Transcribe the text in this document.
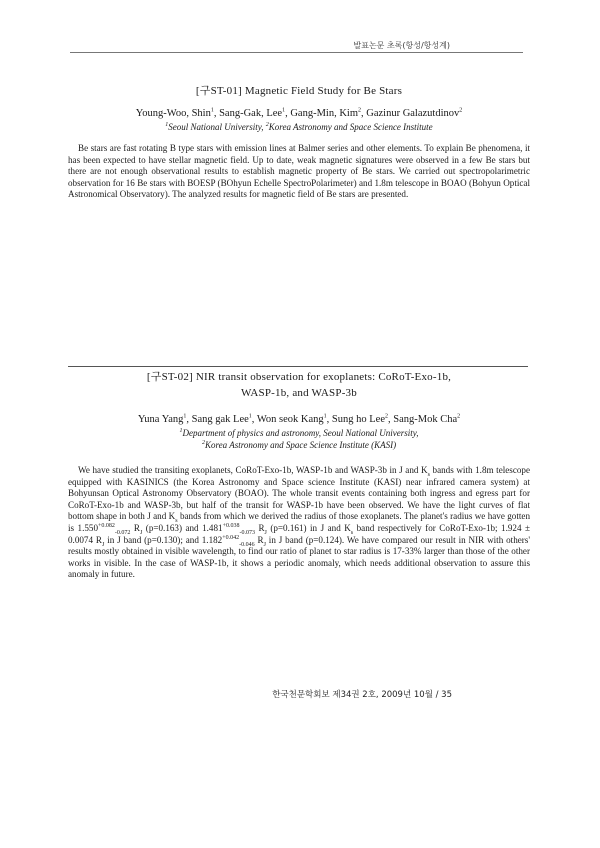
발표논문 초록(항성/항성계)
[구ST-01] Magnetic Field Study for Be Stars
Young-Woo, Shin$^1$, Sang-Gak, Lee$^1$, Gang-Min, Kim$^2$, Gazinur Galazutdinov$^2$
$^1$Seoul National University, $^2$Korea Astronomy and Space Science Institute
Be stars are fast rotating B type stars with emission lines at Balmer series and other elements. To explain Be phenomena, it has been expected to have stellar magnetic field. Up to date, weak magnetic signatures were observed in a few Be stars but there are not enough observational results to establish magnetic property of Be stars. We carried out spectropolarimetric observation for 16 Be stars with BOESP (BOhyun Echelle SpectroPolarimeter) and 1.8m telescope in BOAO (Bohyun Optical Astronomical Observatory). The analyzed results for magnetic field of Be stars are presented.
[구ST-02] NIR transit observation for exoplanets: CoRoT-Exo-1b,
WASP-1b, and WASP-3b
Yuna Yang$^1$, Sang gak Lee$^1$, Won seok Kang$^1$, Sung ho Lee$^2$, Sang-Mok Cha$^2$
$^1$Department of physics and astronomy, Seoul National University,
$^2$Korea Astronomy and Space Science Institute (KASI)
We have studied the transiting exoplanets, CoRoT-Exo-1b, WASP-1b and WASP-3b in J and $K_s$ bands with 1.8m telescope equipped with KASINICS (the Korea Astronomy and Space science Institute (KASI) near infrared camera system) at Bohyunsan Optical Astronomy Observatory (BOAO). The whole transit events containing both ingress and egress part for CoRoT-Exo-1b and WASP-3b, but half of the transit for WASP-1b have been observed. We have the light curves of flat bottom shape in both J and $K_s$ bands from which we derived the radius of those exoplanets. The planet's radius we have gotten is $1.550^{+0.082}_{-0.072}$ $R_J$ (p=0.163) and $1.481^{+0.038}_{-0.073}$ $R_J$ (p=0.161) in J and $K_s$ band respectively for CoRoT-Exo-1b; 1.924 ± 0.0074 $R_J$ in J band (p=0.130); and $1.182^{+0.042}_{-0.046}$ $R_J$ in J band (p=0.124). We have compared our result in NIR with others' results mostly obtained in visible wavelength, to find our ratio of planet to star radius is 17-33% larger than those of the other works in visible. In the case of WASP-1b, it shows a periodic anomaly, which needs additional observation to assure this anomaly in future.
한국천문학회보 제34권 2호, 2009년 10월 / 35
